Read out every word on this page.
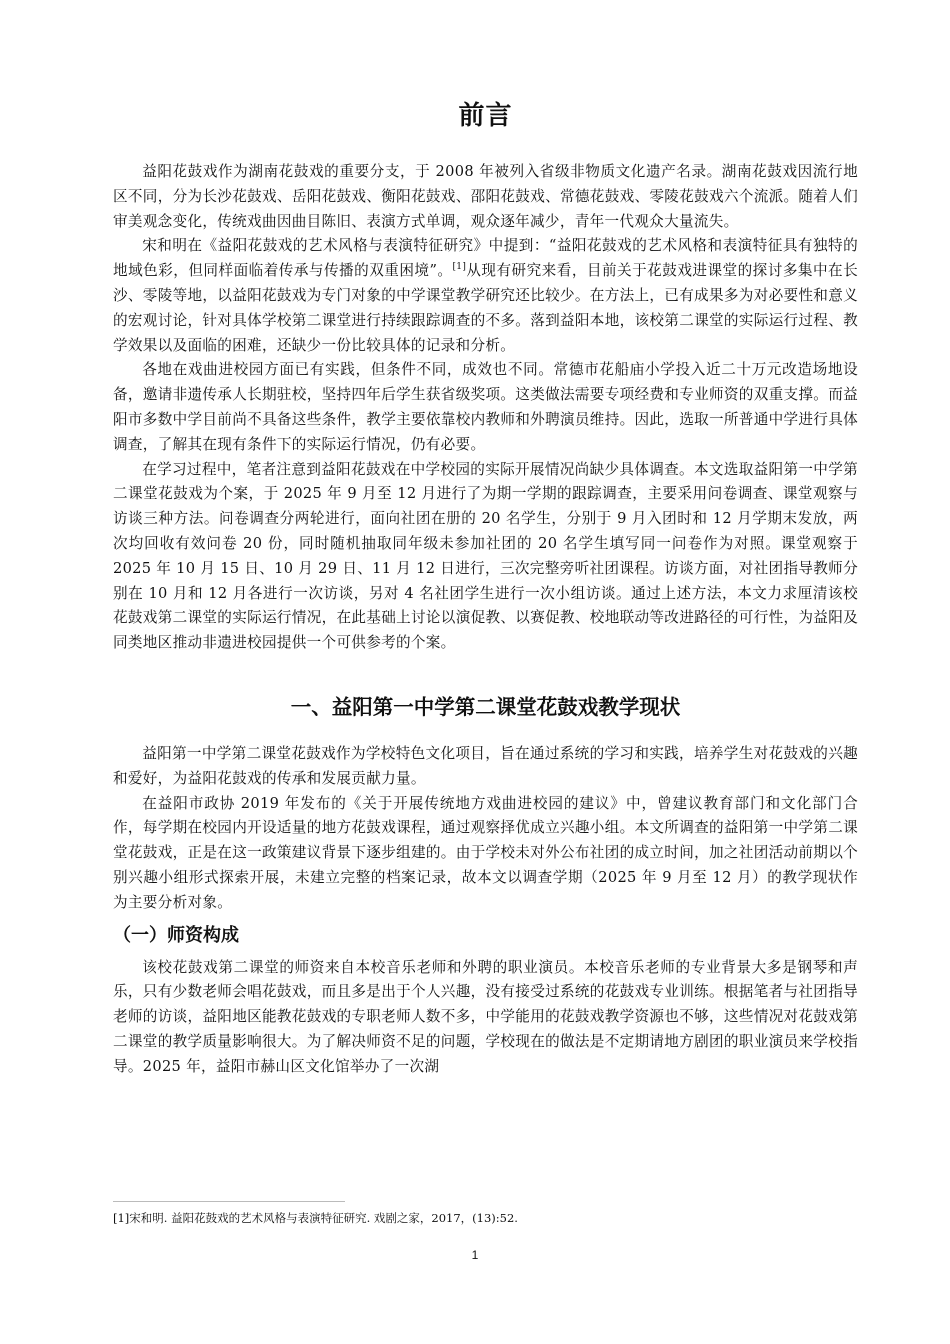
前言

益阳花鼓戏作为湖南花鼓戏的重要分支，于 2008 年被列入省级非物质文化遗产名录。湖南花鼓戏因流行地区不同，分为长沙花鼓戏、岳阳花鼓戏、衡阳花鼓戏、邵阳花鼓戏、常德花鼓戏、零陵花鼓戏六个流派。随着人们审美观念变化，传统戏曲因曲目陈旧、表演方式单调，观众逐年减少，青年一代观众大量流失。

宋和明在《益阳花鼓戏的艺术风格与表演特征研究》中提到：“益阳花鼓戏的艺术风格和表演特征具有独特的地域色彩，但同样面临着传承与传播的双重困境”。[1]从现有研究来看，目前关于花鼓戏进课堂的探讨多集中在长沙、零陵等地，以益阳花鼓戏为专门对象的中学课堂教学研究还比较少。在方法上，已有成果多为对必要性和意义的宏观讨论，针对具体学校第二课堂进行持续跟踪调查的不多。落到益阳本地，该校第二课堂的实际运行过程、教学效果以及面临的困难，还缺少一份比较具体的记录和分析。

各地在戏曲进校园方面已有实践，但条件不同，成效也不同。常德市花船庙小学投入近二十万元改造场地设备，邀请非遗传承人长期驻校，坚持四年后学生获省级奖项。这类做法需要专项经费和专业师资的双重支撑。而益阳市多数中学目前尚不具备这些条件，教学主要依靠校内教师和外聘演员维持。因此，选取一所普通中学进行具体调查，了解其在现有条件下的实际运行情况，仍有必要。

在学习过程中，笔者注意到益阳花鼓戏在中学校园的实际开展情况尚缺少具体调查。本文选取益阳第一中学第二课堂花鼓戏为个案，于 2025 年 9 月至 12 月进行了为期一学期的跟踪调查，主要采用问卷调查、课堂观察与访谈三种方法。问卷调查分两轮进行，面向社团在册的 20 名学生，分别于 9 月入团时和 12 月学期末发放，两次均回收有效问卷 20 份，同时随机抽取同年级未参加社团的 20 名学生填写同一问卷作为对照。课堂观察于 2025 年 10 月 15 日、10 月 29 日、11 月 12 日进行，三次完整旁听社团课程。访谈方面，对社团指导教师分别在 10 月和 12 月各进行一次访谈，另对 4 名社团学生进行一次小组访谈。通过上述方法，本文力求厘清该校花鼓戏第二课堂的实际运行情况，在此基础上讨论以演促教、以赛促教、校地联动等改进路径的可行性，为益阳及同类地区推动非遗进校园提供一个可供参考的个案。

一、益阳第一中学第二课堂花鼓戏教学现状

益阳第一中学第二课堂花鼓戏作为学校特色文化项目，旨在通过系统的学习和实践，培养学生对花鼓戏的兴趣和爱好，为益阳花鼓戏的传承和发展贡献力量。

在益阳市政协 2019 年发布的《关于开展传统地方戏曲进校园的建议》中，曾建议教育部门和文化部门合作，每学期在校园内开设适量的地方花鼓戏课程，通过观察择优成立兴趣小组。本文所调查的益阳第一中学第二课堂花鼓戏，正是在这一政策建议背景下逐步组建的。由于学校未对外公布社团的成立时间，加之社团活动前期以个别兴趣小组形式探索开展，未建立完整的档案记录，故本文以调查学期（2025 年 9 月至 12 月）的教学现状作为主要分析对象。

（一）师资构成

该校花鼓戏第二课堂的师资来自本校音乐老师和外聘的职业演员。本校音乐老师的专业背景大多是钢琴和声乐，只有少数老师会唱花鼓戏，而且多是出于个人兴趣，没有接受过系统的花鼓戏专业训练。根据笔者与社团指导老师的访谈，益阳地区能教花鼓戏的专职老师人数不多，中学能用的花鼓戏教学资源也不够，这些情况对花鼓戏第二课堂的教学质量影响很大。为了解决师资不足的问题，学校现在的做法是不定期请地方剧团的职业演员来学校指导。2025 年，益阳市赫山区文化馆举办了一次湖

[1]宋和明. 益阳花鼓戏的艺术风格与表演特征研究. 戏剧之家，2017，(13):52.
1
